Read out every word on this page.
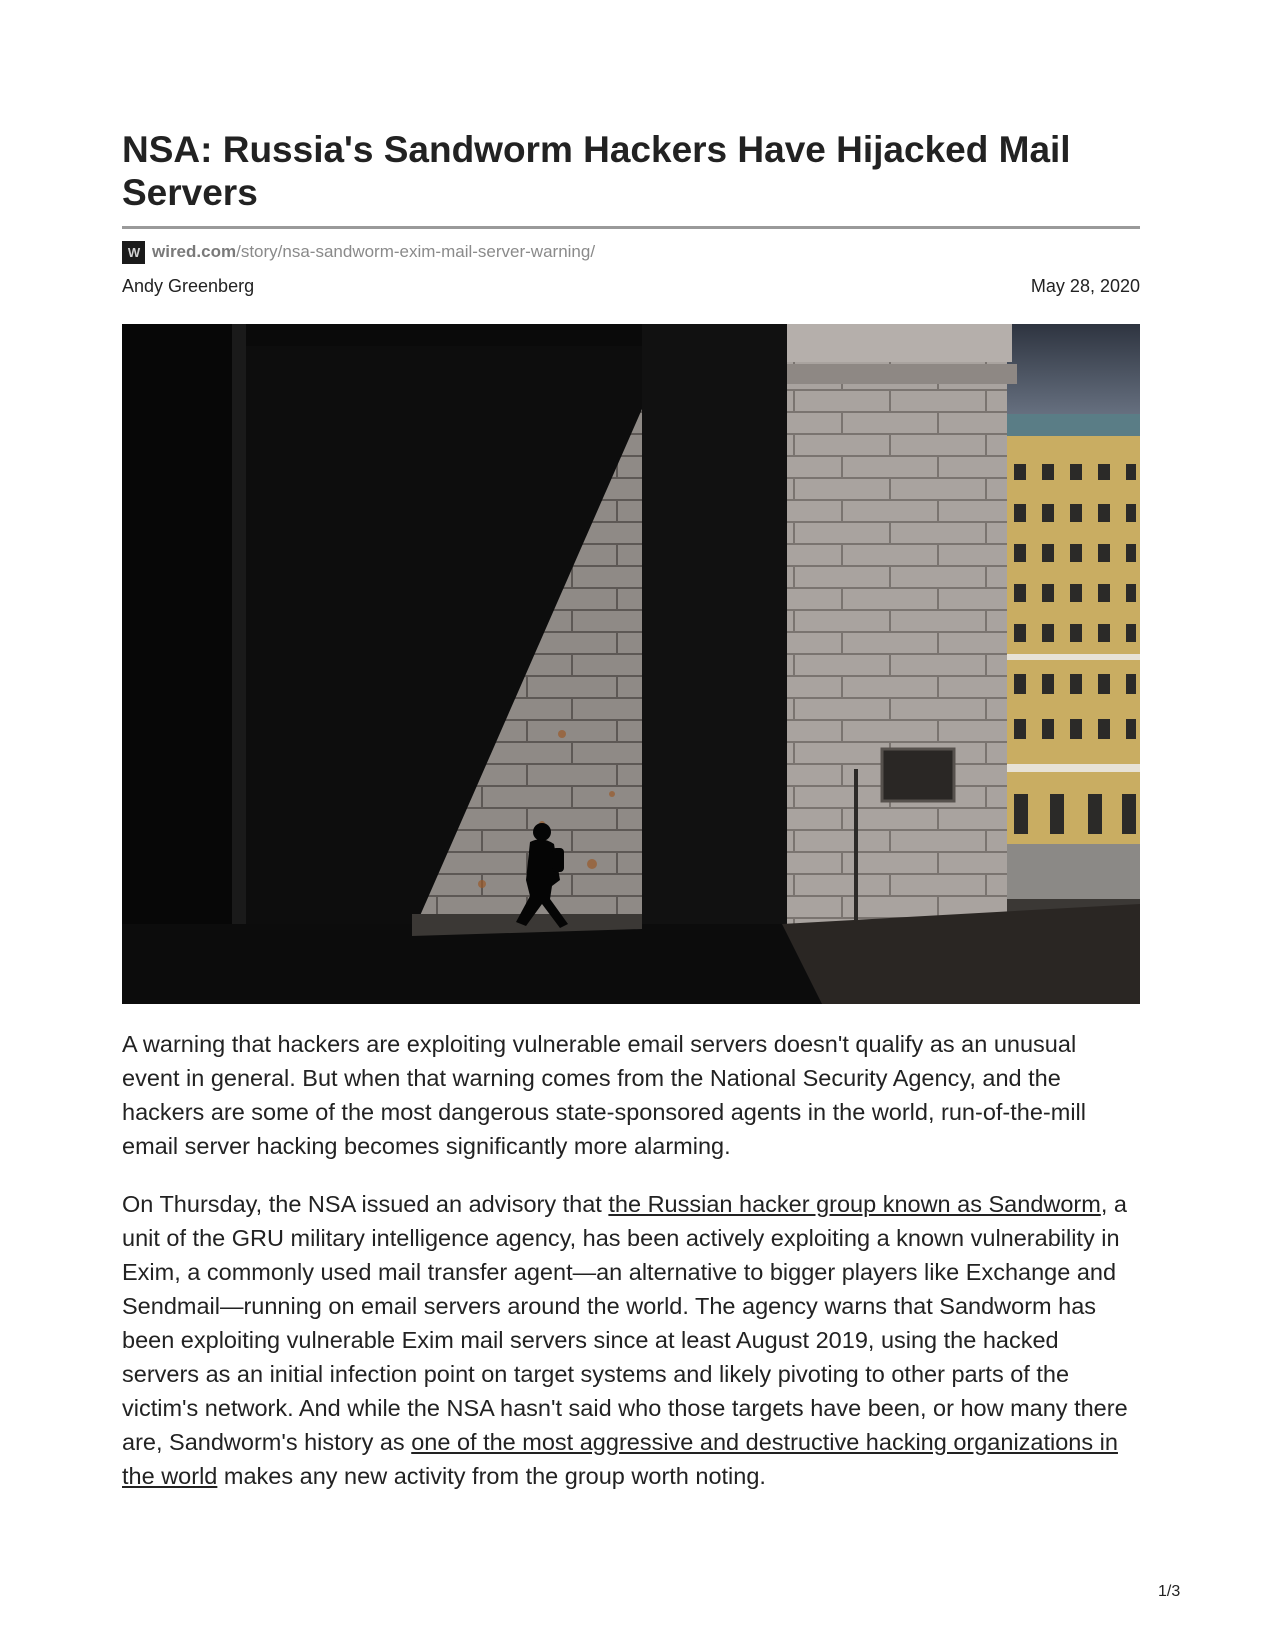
NSA: Russia's Sandworm Hackers Have Hijacked Mail Servers
W wired.com /story/nsa-sandworm-exim-mail-server-warning/
Andy Greenberg	May 28, 2020

A warning that hackers are exploiting vulnerable email servers doesn't qualify as an unusual event in general. But when that warning comes from the National Security Agency, and the hackers are some of the most dangerous state-sponsored agents in the world, run-of-the-mill email server hacking becomes significantly more alarming.

On Thursday, the NSA issued an advisory that the Russian hacker group known as Sandworm, a unit of the GRU military intelligence agency, has been actively exploiting a known vulnerability in Exim, a commonly used mail transfer agent—an alternative to bigger players like Exchange and Sendmail—running on email servers around the world. The agency warns that Sandworm has been exploiting vulnerable Exim mail servers since at least August 2019, using the hacked servers as an initial infection point on target systems and likely pivoting to other parts of the victim's network. And while the NSA hasn't said who those targets have been, or how many there are, Sandworm's history as one of the most aggressive and destructive hacking organizations in the world makes any new activity from the group worth noting.

1/3
